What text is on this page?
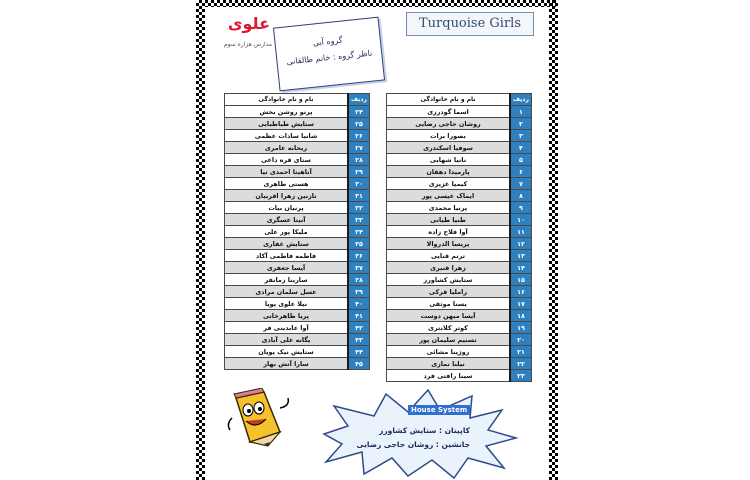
Turquoise Girls
علوی
مدارس هزاره سوم	گروه آبی
ناظر گروه : خانم طالقانی
ردیف	نام و نام خانوادگی
۱	اسما گودرزی
۲	روشان حاجی رضایی
۳	بصورا برات
۴	سوفیا اسکندری
۵	نانیا شهابی
۶	پارمیدا دهقان
۷	کیمیا عزیزی
۸	ایماک عیسی پور
۹	پرنیا محمدی
۱۰	طنیا طیانی
۱۱	آوا فلاح زاده
۱۲	پریسا الدروالا
۱۳	ترنم قنایی
۱۴	زهرا قنبری
۱۵	ستایش کشاورز
۱۶	راملیا قرکی
۱۷	یسنا موثقی
۱۸	آیسا میهن دوست
۱۹	کوثر کلانتری
۲۰	تسنیم سلیمان پور
۲۱	روژینا مشائی
۲۲	نیلنا نمازی
۲۳	سینا رافتی فرد
ردیف	نام و نام خانوادگی
۲۴	پرنو روشن بخش
۲۵	ستایش طباطبایی
۲۶	شانیا سادات عظمی
۲۷	ریحانه عامری
۲۸	ستای قره داغی
۲۹	آناهیتا احمدی نیا
۳۰	هستی طاهری
۳۱	نازنین زهرا اقربیان
۳۲	پرنیان بیات
۳۳	آنیتا عسگری
۳۴	ملیکا پور علی
۳۵	ستایش غفاری
۳۶	فاطمه فاطمی آکاد
۳۷	آیسا جعفری
۳۸	سارینا زمانفر
۳۹	عسل سلمان مرادی
۴۰	نیلا علوی پویا
۴۱	پریا طاهرخانی
۴۲	آوا عابدینی فر
۴۳	یگانه علی آبادی
۴۴	ستایش نیک پویان
۴۵	سارا آتش بهار
House System
کاپیتان : ستایش کشاورز
جانشین : روشان حاجی رضایی
